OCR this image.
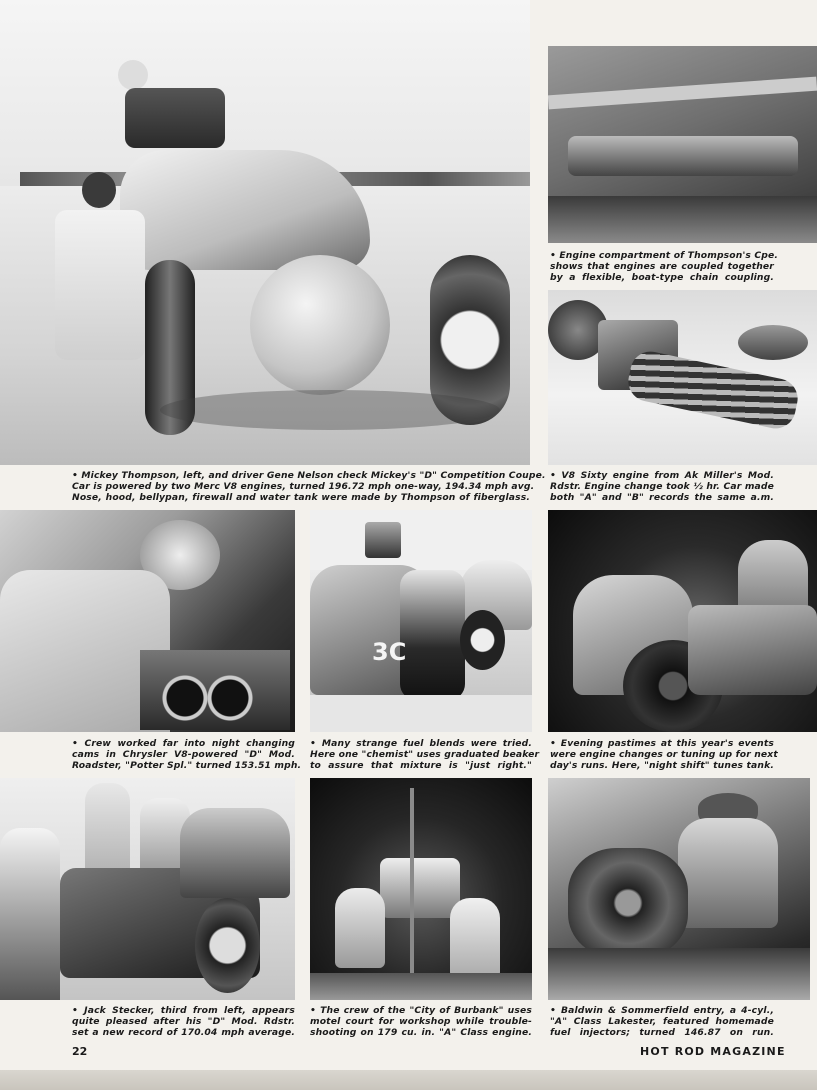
• Engine compartment of Thompson's Cpe.
shows that engines are coupled together
by a flexible, boat-type chain coupling.
• V8 Sixty engine from Ak Miller's Mod.
Rdstr. Engine change took ½ hr. Car made
both "A" and "B" records the same a.m.
• Mickey Thompson, left, and driver Gene Nelson check Mickey's "D" Competition Coupe.
Car is powered by two Merc V8 engines, turned 196.72 mph one-way, 194.34 mph avg.
Nose, hood, bellypan, firewall and water tank were made by Thompson of fiberglass.
• Crew worked far into night changing
cams in Chrysler V8-powered "D" Mod.
Roadster, "Potter Spl." turned 153.51 mph.
3C
• Many strange fuel blends were tried.
Here one "chemist" uses graduated beaker
to assure that mixture is "just right."
• Evening pastimes at this year's events
were engine changes or tuning up for next
day's runs. Here, "night shift" tunes tank.
• Jack Stecker, third from left, appears
quite pleased after his "D" Mod. Rdstr.
set a new record of 170.04 mph average.
• The crew of the "City of Burbank" uses
motel court for workshop while trouble-
shooting on 179 cu. in. "A" Class engine.
• Baldwin & Sommerfield entry, a 4-cyl.,
"A" Class Lakester, featured homemade
fuel injectors; turned 146.87 on run.
22	HOT ROD MAGAZINE
